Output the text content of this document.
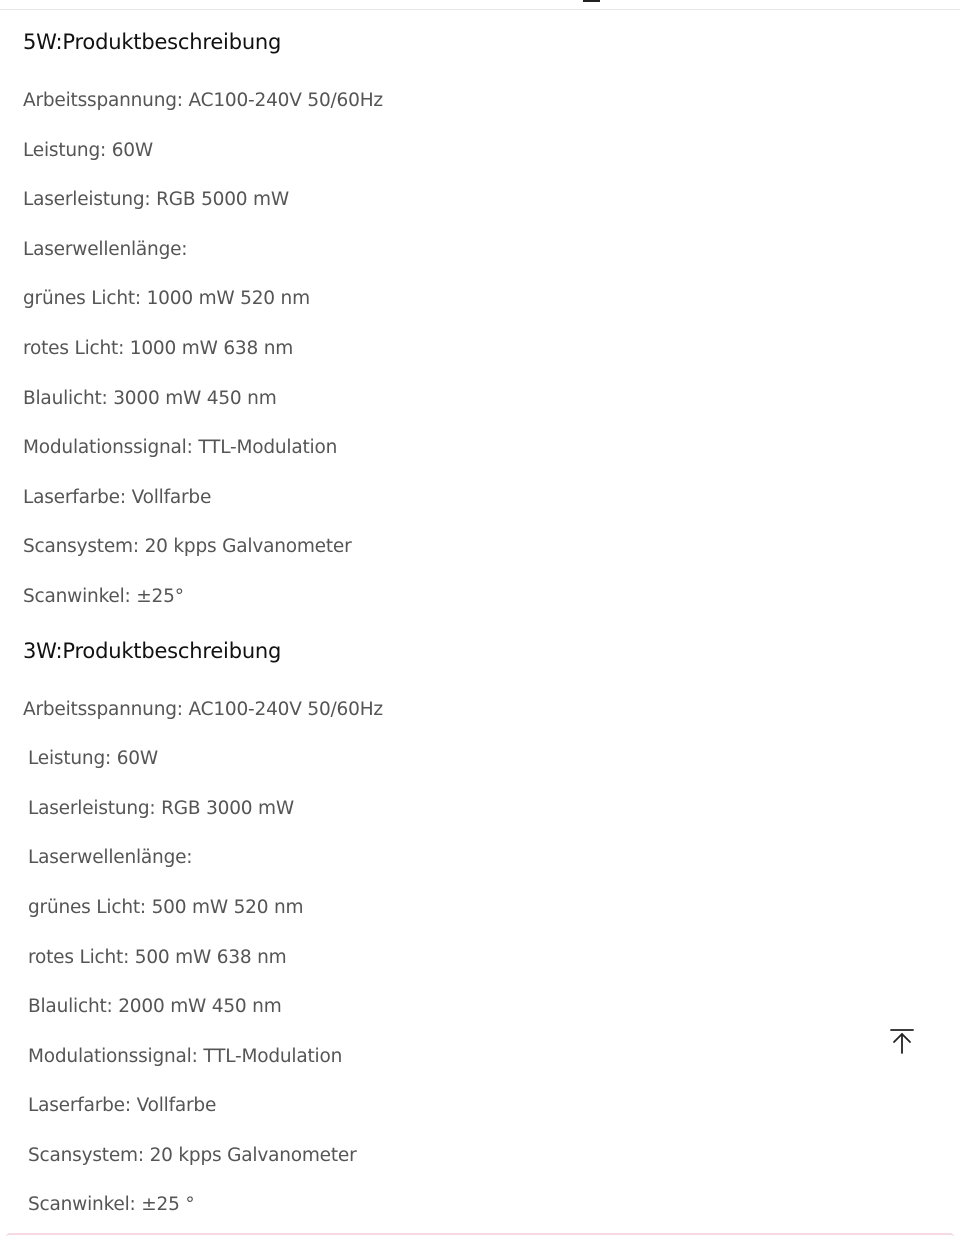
5W:Produktbeschreibung
Arbeitsspannung: AC100-240V 50/60Hz
Leistung: 60W
Laserleistung: RGB 5000 mW
Laserwellenlänge:
grünes Licht: 1000 mW 520 nm
rotes Licht: 1000 mW 638 nm
Blaulicht: 3000 mW 450 nm
Modulationssignal: TTL-Modulation
Laserfarbe: Vollfarbe
Scansystem: 20 kpps Galvanometer
Scanwinkel: ±25°
3W:Produktbeschreibung
Arbeitsspannung: AC100-240V 50/60Hz
Leistung: 60W
Laserleistung: RGB 3000 mW
Laserwellenlänge:
grünes Licht: 500 mW 520 nm
rotes Licht: 500 mW 638 nm
Blaulicht: 2000 mW 450 nm
Modulationssignal: TTL-Modulation
Laserfarbe: Vollfarbe
Scansystem: 20 kpps Galvanometer
Scanwinkel: ±25 °
